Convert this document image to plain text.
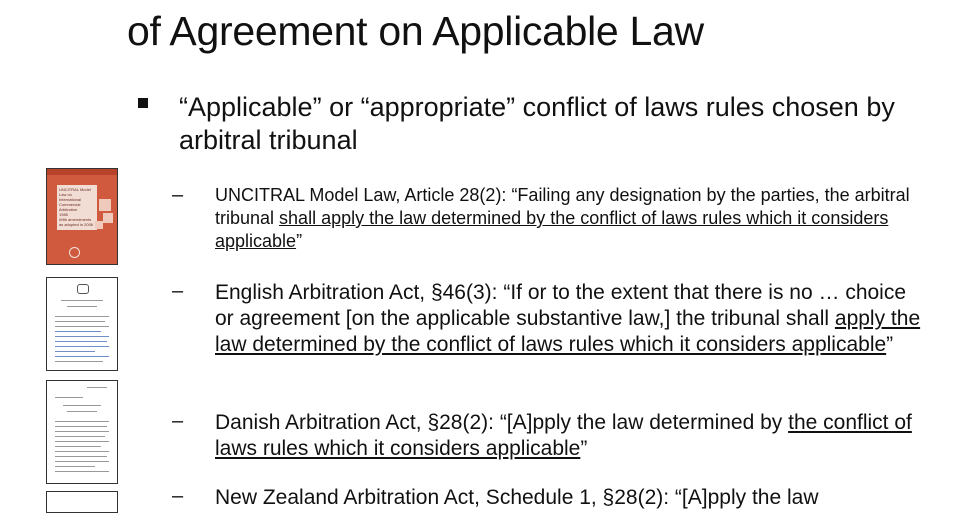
of Agreement on Applicable Law
“Applicable” or “appropriate” conflict of laws rules chosen by arbitral tribunal
UNCITRAL Model Law on
International Commercial
Arbitration
1985
With amendments
as adopted in 2006
– UNCITRAL Model Law, Article 28(2): “Failing any designation by the parties, the arbitral tribunal shall apply the law determined by the conflict of laws rules which it considers applicable”
– English Arbitration Act, §46(3): “If or to the extent that there is no … choice or agreement [on the applicable substantive law,] the tribunal shall apply the law determined by the conflict of laws rules which it considers applicable”
– Danish Arbitration Act, §28(2): “[A]pply the law determined by the conflict of laws rules which it considers applicable”
– New Zealand Arbitration Act, Schedule 1, §28(2): “[A]pply the law
